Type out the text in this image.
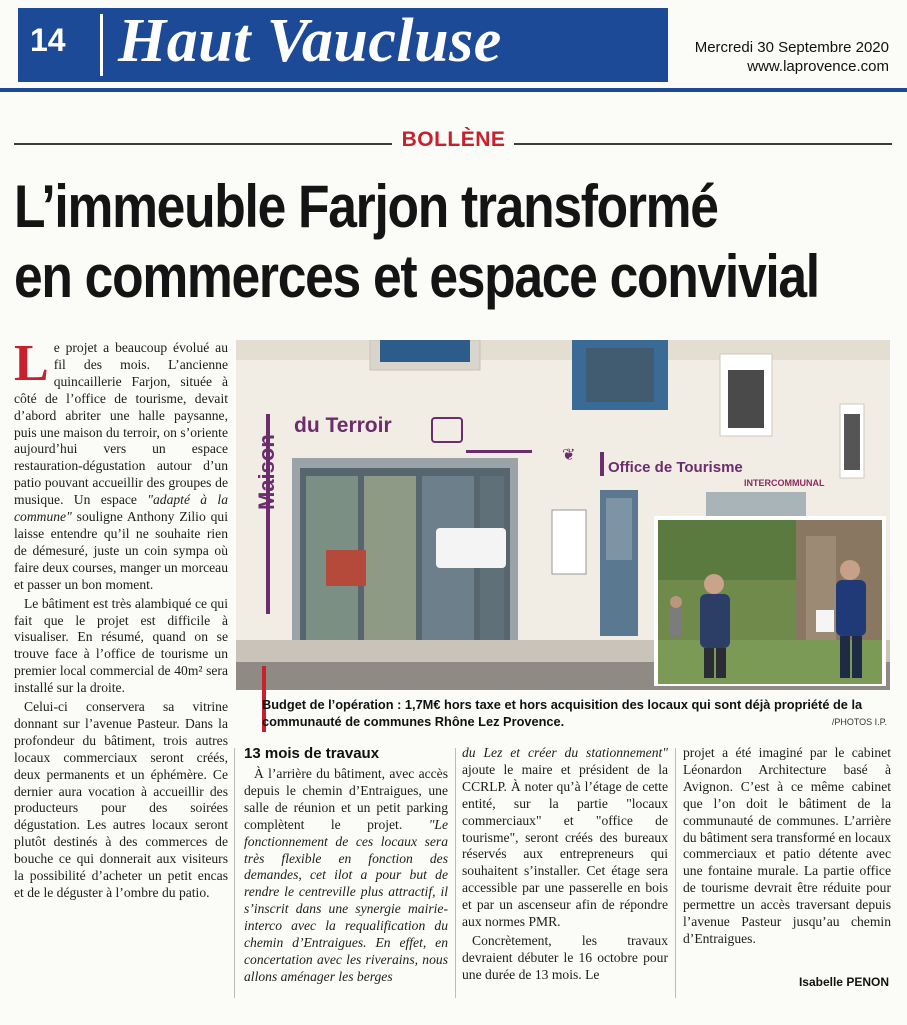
14 Haut Vaucluse	Mercredi 30 Septembre 2020
www.laprovence.com
BOLLÈNE
L’immeuble Farjon transformé
en commerces et espace convivial

Le projet a beaucoup évolué au fil des mois. L’ancienne quincaillerie Farjon, située à côté de l’office de tourisme, devait d’abord abriter une halle paysanne, puis une maison du terroir, on s’oriente aujourd’hui vers un espace restauration-dégustation autour d’un patio pouvant accueillir des groupes de musique. Un espace "adapté à la commune" souligne Anthony Zilio qui laisse entendre qu’il ne souhaite rien de démesuré, juste un coin sympa où faire deux courses, manger un morceau et passer un bon moment.

Le bâtiment est très alambiqué ce qui fait que le projet est difficile à visualiser. En résumé, quand on se trouve face à l’office de tourisme un premier local commercial de 40m² sera installé sur la droite.

Celui-ci conservera sa vitrine donnant sur l’avenue Pasteur. Dans la profondeur du bâtiment, trois autres locaux commerciaux seront créés, deux permanents et un éphémère. Ce dernier aura vocation à accueillir des producteurs pour des soirées dégustation. Les autres locaux seront plutôt destinés à des commerces de bouche ce qui donnerait aux visiteurs la possibilité d’acheter un petit encas et de le déguster à l’ombre du patio.

Maison
du Terroir
Office de Tourisme
INTERCOMMUNAL
❦
Budget de l’opération : 1,7M€ hors taxe et hors acquisition des locaux qui sont déjà propriété de la communauté de communes Rhône Lez Provence.	/PHOTOS I.P.
13 mois de travaux

À l’arrière du bâtiment, avec accès depuis le chemin d’Entraigues, une salle de réunion et un petit parking complètent le projet. "Le fonctionnement de ces locaux sera très flexible en fonction des demandes, cet ilot a pour but de rendre le centreville plus attractif, il s’inscrit dans une synergie mairie-interco avec la requalification du chemin d’Entraigues. En effet, en concertation avec les riverains, nous allons aménager les berges

du Lez et créer du stationnement" ajoute le maire et président de la CCRLP. À noter qu’à l’étage de cette entité, sur la partie "locaux commerciaux" et "office de tourisme", seront créés des bureaux réservés aux entrepreneurs qui souhaitent s’installer. Cet étage sera accessible par une passerelle en bois et par un ascenseur afin de répondre aux normes PMR.

Concrètement, les travaux devraient débuter le 16 octobre pour une durée de 13 mois. Le

projet a été imaginé par le cabinet Léonardon Architecture basé à Avignon. C’est à ce même cabinet que l’on doit le bâtiment de la communauté de communes. L’arrière du bâtiment sera transformé en locaux commerciaux et patio détente avec une fontaine murale. La partie office de tourisme devrait être réduite pour permettre un accès traversant depuis l’avenue Pasteur jusqu’au chemin d’Entraigues.

Isabelle PENON
